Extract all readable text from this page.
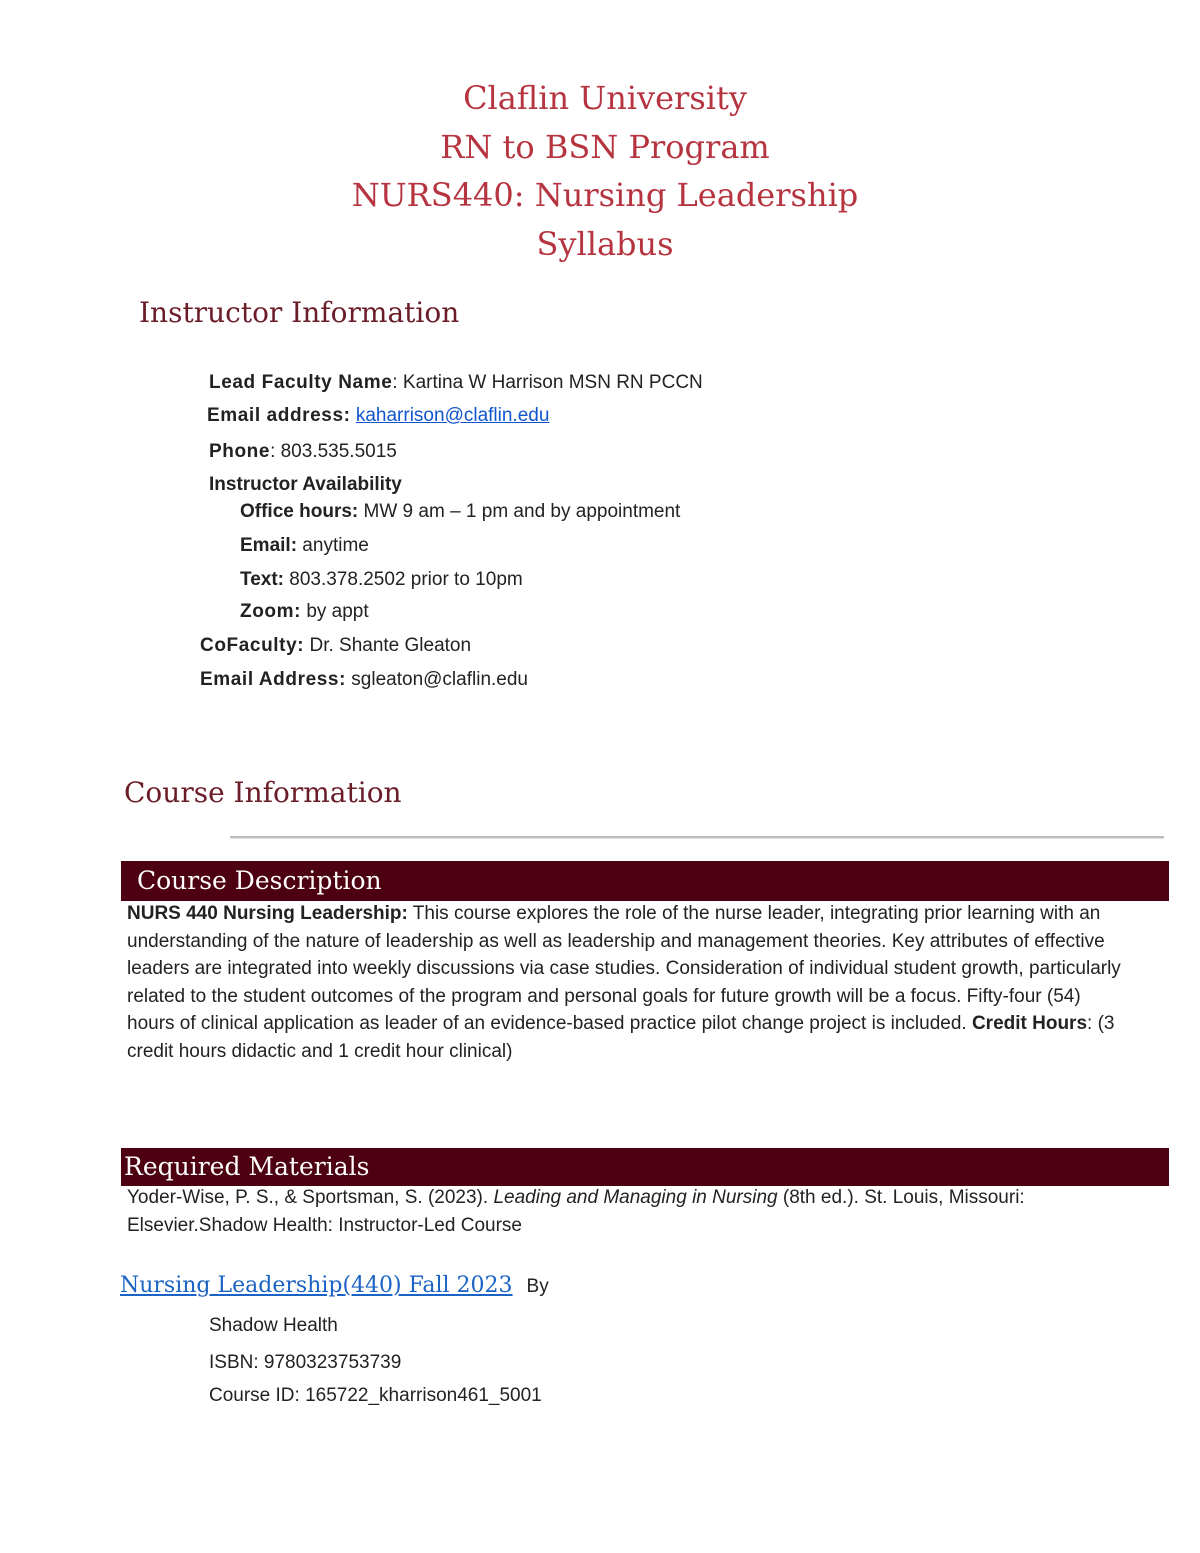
Claflin University
RN to BSN Program
NURS440: Nursing Leadership
Syllabus
Instructor Information
Lead Faculty Name: Kartina W Harrison MSN RN PCCN
Email address: kaharrison@claflin.edu
Phone: 803.535.5015
Instructor Availability
Office hours: MW 9 am – 1 pm and by appointment
Email: anytime
Text: 803.378.2502 prior to 10pm
Zoom: by appt
CoFaculty: Dr. Shante Gleaton
Email Address: sgleaton@claflin.edu
Course Information
Course Description
NURS 440 Nursing Leadership: This course explores the role of the nurse leader, integrating prior learning with an understanding of the nature of leadership as well as leadership and management theories. Key attributes of effective leaders are integrated into weekly discussions via case studies. Consideration of individual student growth, particularly related to the student outcomes of the program and personal goals for future growth will be a focus. Fifty-four (54) hours of clinical application as leader of an evidence-based practice pilot change project is included. Credit Hours: (3 credit hours didactic and 1 credit hour clinical)
Required Materials
Yoder-Wise, P. S., & Sportsman, S. (2023). Leading and Managing in Nursing (8th ed.). St. Louis, Missouri: Elsevier.Shadow Health: Instructor-Led Course
Nursing Leadership(440) Fall 2023 By
Shadow Health
ISBN: 9780323753739
Course ID: 165722_kharrison461_5001
